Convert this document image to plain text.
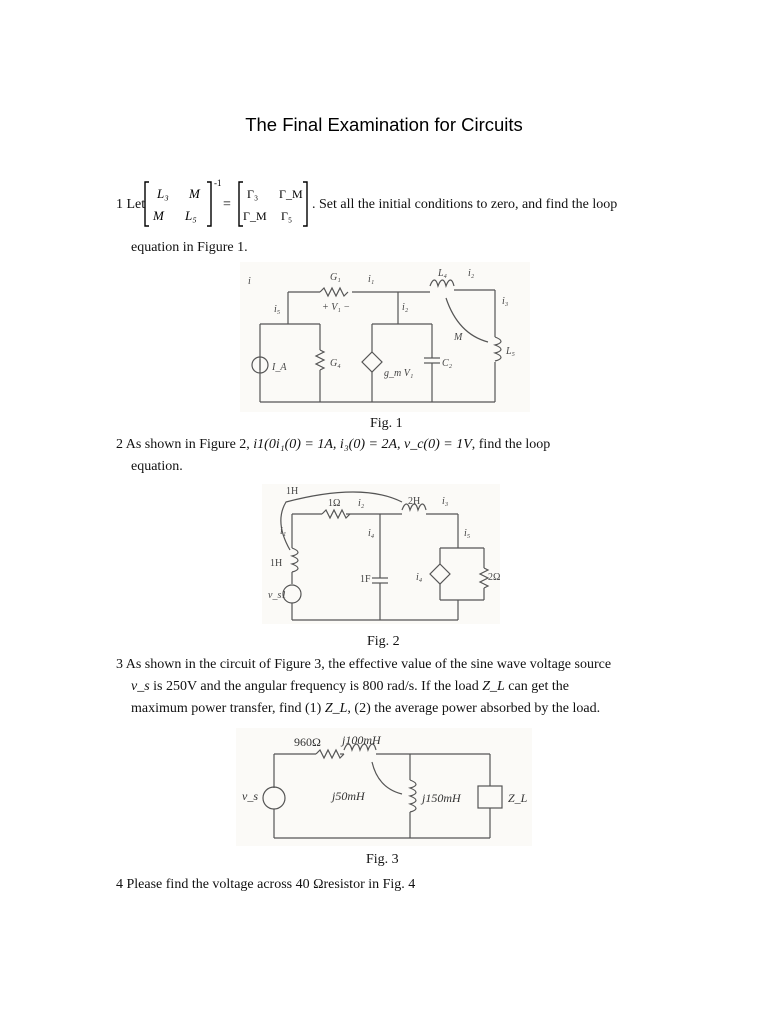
The Final Examination for Circuits
1 Let
L₃ M
M L₅
-1
=
Γ₃ Γ_M
Γ_M Γ₅
. Set all the initial conditions to zero, and find the loop
equation in Figure 1.
G₁	i₁
L₄ i₂
i₃
i₅	+ V₁ −	i₂
M
L₅
I_A	G₄
g_m V₁
C₂
i
Fig. 1
2 As shown in Figure 2, i1(0i₁(0) = 1A, i₃(0) = 2A, v_c(0) = 1V, find the loop
equation.
1H
1Ω i₂	2H i₃
i₁	i₄	i₅
1H
1F	i₄	2Ω
v_s1
Fig. 2
3 As shown in the circuit of Figure 3, the effective value of the sine wave voltage source
v_s is 250V and the angular frequency is 800 rad/s. If the load Z_L can get the
maximum power transfer, find (1) Z_L, (2) the average power absorbed by the load.
960Ω j100mH
j50mH	j150mH	Z_L
v_s
Fig. 3
4 Please find the voltage across 40 Ωresistor in Fig. 4
